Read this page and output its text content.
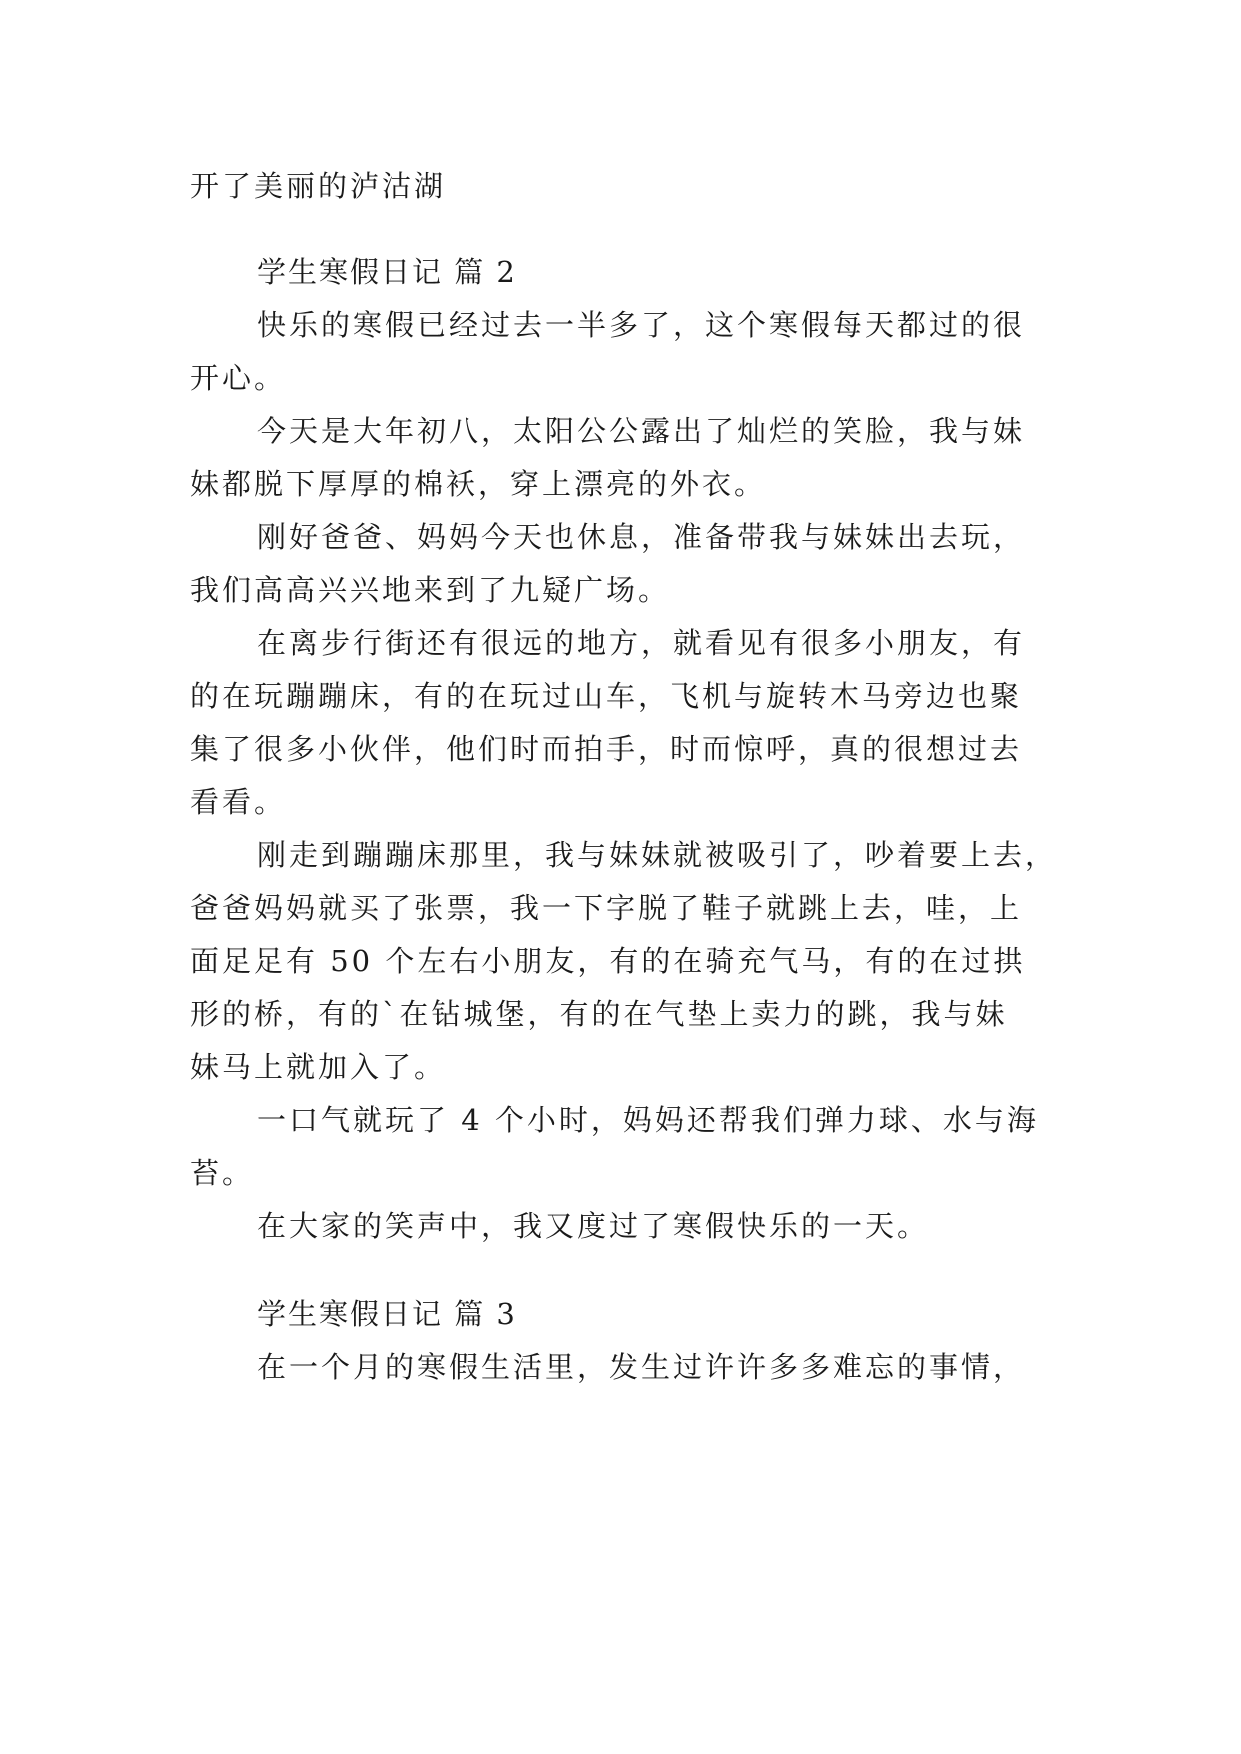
开了美丽的泸沽湖
学生寒假日记 篇 2
快乐的寒假已经过去一半多了，这个寒假每天都过的很
开心。
今天是大年初八，太阳公公露出了灿烂的笑脸，我与妹
妹都脱下厚厚的棉袄，穿上漂亮的外衣。
刚好爸爸、妈妈今天也休息，准备带我与妹妹出去玩，
我们高高兴兴地来到了九疑广场。
在离步行街还有很远的地方，就看见有很多小朋友，有
的在玩蹦蹦床，有的在玩过山车，飞机与旋转木马旁边也聚
集了很多小伙伴，他们时而拍手，时而惊呼，真的很想过去
看看。
刚走到蹦蹦床那里，我与妹妹就被吸引了，吵着要上去，
爸爸妈妈就买了张票，我一下字脱了鞋子就跳上去，哇，上
面足足有 50 个左右小朋友，有的在骑充气马，有的在过拱
形的桥，有的`在钻城堡，有的在气垫上卖力的跳，我与妹
妹马上就加入了。
一口气就玩了 4 个小时，妈妈还帮我们弹力球、水与海
苔。
在大家的笑声中，我又度过了寒假快乐的一天。
学生寒假日记 篇 3
在一个月的寒假生活里，发生过许许多多难忘的事情，
